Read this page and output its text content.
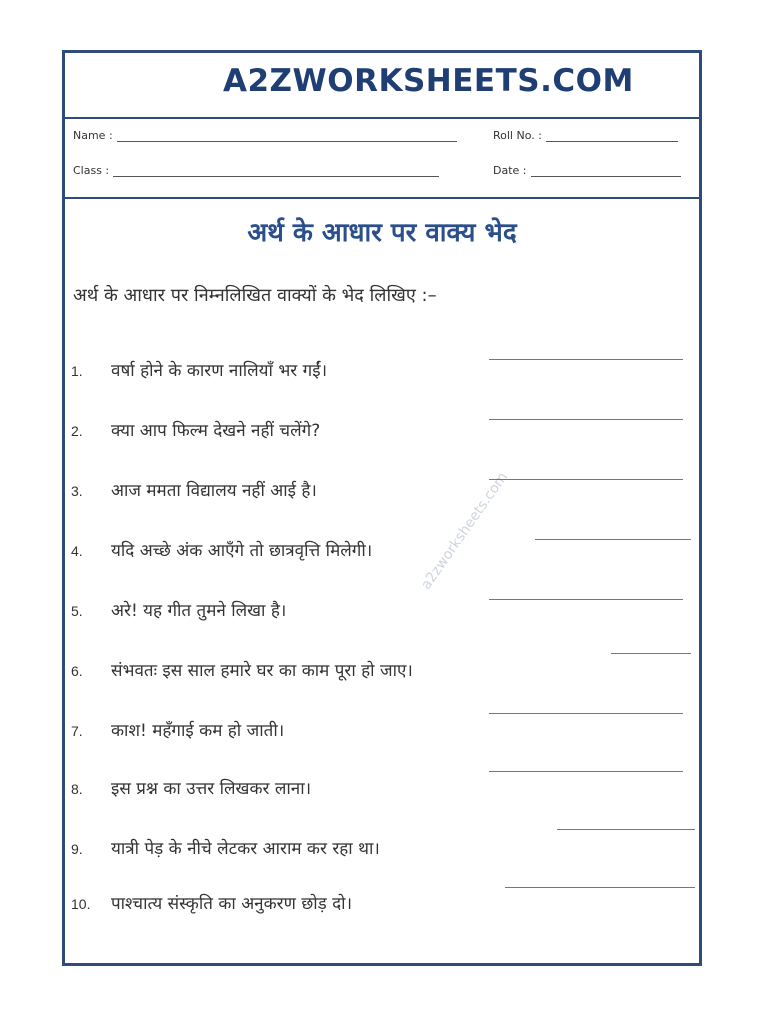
A2ZWORKSHEETS.COM
Name :	Roll No. :
Class :	Date :
अर्थ के आधार पर वाक्य भेद
अर्थ के आधार पर निम्नलिखित वाक्यों के भेद लिखिए :–
a2zworksheets.com
1.	वर्षा होने के कारण नालियाँ भर गईं।
2.	क्या आप फिल्म देखने नहीं चलेंगे?
3.	आज ममता विद्यालय नहीं आई है।
4.	यदि अच्छे अंक आएँगे तो छात्रवृत्ति मिलेगी।
5.	अरे! यह गीत तुमने लिखा है।
6.	संभवतः इस साल हमारे घर का काम पूरा हो जाए।
7.	काश! महँगाई कम हो जाती।
8.	इस प्रश्न का उत्तर लिखकर लाना।
9.	यात्री पेड़ के नीचे लेटकर आराम कर रहा था।
10.	पाश्चात्य संस्कृति का अनुकरण छोड़ दो।
